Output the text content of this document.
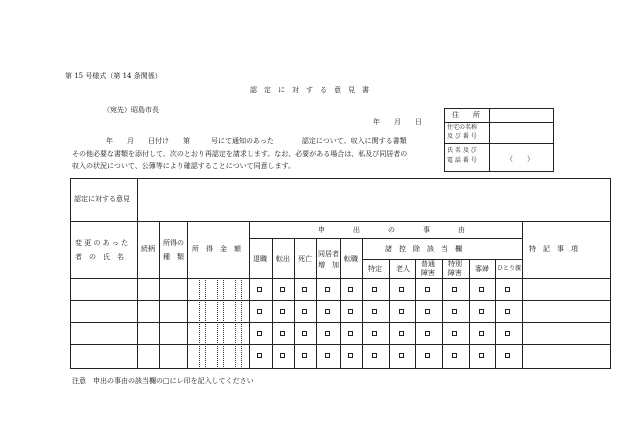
第 15 号様式（第 14 条関係）
認　定　に　対　す　る　意　見　書
（宛先）昭島市長
年　　月　　日
年　　月　　日付け　　第　　　号にて通知のあった　　　　認定について、収入に関する書類
その他必要な書類を添付して、次のとおり再認定を請求します。なお、必要がある場合は、私及び同居者の
収入の状況について、公簿等により確認することについて同意します。
住　　所
住宅の名称
及 び 番 号
氏 名 及 び
電 話 番 号	（　　）
認定に対する意見
変 更 の あ っ た
者　の　氏　名
続柄
所得の
種　類
所　得　金　額
申　　　　出　　　　の　　　　事　　　　由
退職 転出 死亡
同居者
増　加
転職
諸　控　除　該　当　欄
特定 老人
普通
障害
特別
障害 寡婦 ひとり親
特　記　事　項
注意　申出の事由の該当欄の□にレ印を記入してください
